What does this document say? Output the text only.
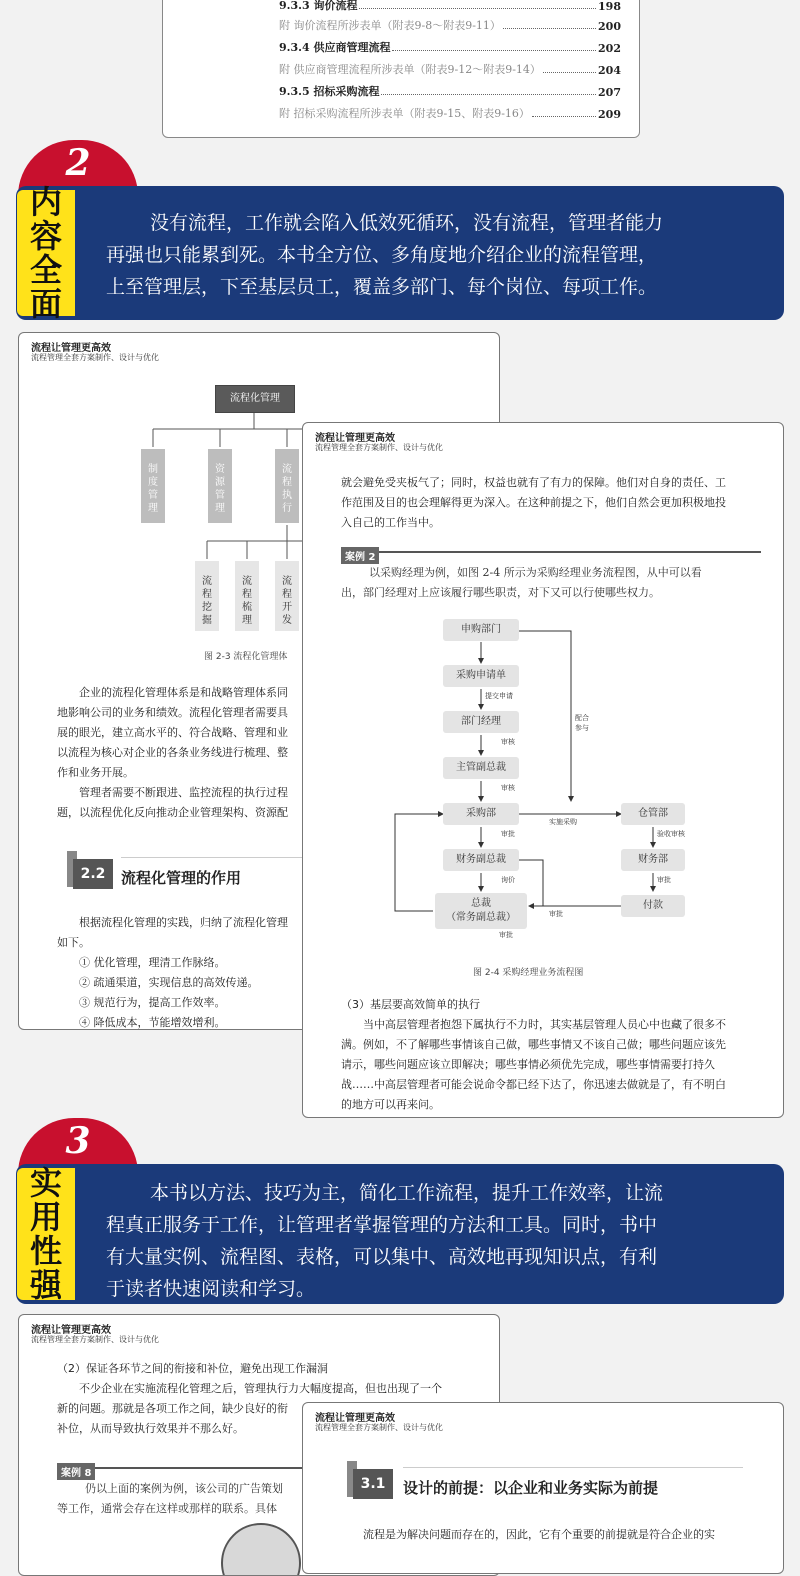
9.3.3 询价流程	198
附 询价流程所涉表单（附表9-8～附表9-11）	200
9.3.4 供应商管理流程	202
附 供应商管理流程所涉表单（附表9-12～附表9-14）	204
9.3.5 招标采购流程	207
附 招标采购流程所涉表单（附表9-15、附表9-16）	209
2
内
容
全
面
没有流程，工作就会陷入低效死循环，没有流程，管理者能力
再强也只能累到死。本书全方位、多角度地介绍企业的流程管理，
上至管理层，下至基层员工，覆盖多部门、每个岗位、每项工作。
流程让管理更高效
流程管理全套方案制作、设计与优化
流程化管理
制度管理
资源管理
流程执行
流程挖掘
流程梳理
流程开发
图 2-3 流程化管理体
企业的流程化管理体系是和战略管理体系同
地影响公司的业务和绩效。流程化管理者需要具
展的眼光，建立高水平的、符合战略、管理和业
以流程为核心对企业的各条业务线进行梳理、整
作和业务开展。
管理者需要不断跟进、监控流程的执行过程
题，以流程优化反向推动企业管理架构、资源配
2.2	流程化管理的作用
根据流程化管理的实践，归纳了流程化管理
如下。
① 优化管理，理清工作脉络。
② 疏通渠道，实现信息的高效传递。
③ 规范行为，提高工作效率。
④ 降低成本，节能增效增利。
流程让管理更高效
流程管理全套方案制作、设计与优化
就会避免受夹板气了；同时，权益也就有了有力的保障。他们对自身的责任、工
作范围及目的也会理解得更为深入。在这种前提之下，他们自然会更加积极地投
入自己的工作当中。
案例 2
以采购经理为例，如图 2-4 所示为采购经理业务流程图，从中可以看
出，部门经理对上应该履行哪些职责，对下又可以行使哪些权力。
申购部门
采购申请单
部门经理
主管副总裁
采购部
财务副总裁
总裁
（常务副总裁）
仓管部
财务部
付款
提交申请
审核
审核
审批
询价
审批
审批
实施采购
验收审核
审批
配合
参与
图 2-4 采购经理业务流程图
（3）基层要高效简单的执行
当中高层管理者抱怨下属执行不力时，其实基层管理人员心中也藏了很多不
满。例如，不了解哪些事情该自己做，哪些事情又不该自己做；哪些问题应该先
请示，哪些问题应该立即解决；哪些事情必须优先完成，哪些事情需要打持久
战……中高层管理者可能会说命令都已经下达了，你迅速去做就是了，有不明白
的地方可以再来问。
3
实
用
性
强
本书以方法、技巧为主，简化工作流程，提升工作效率，让流
程真正服务于工作，让管理者掌握管理的方法和工具。同时，书中
有大量实例、流程图、表格，可以集中、高效地再现知识点，有利
于读者快速阅读和学习。
流程让管理更高效
流程管理全套方案制作、设计与优化
（2）保证各环节之间的衔接和补位，避免出现工作漏洞
不少企业在实施流程化管理之后，管理执行力大幅度提高，但也出现了一个
新的问题。那就是各项工作之间，缺少良好的衔
补位，从而导致执行效果并不那么好。
案例 8
仍以上面的案例为例，该公司的广告策划
等工作，通常会存在这样或那样的联系。具体
流程让管理更高效
流程管理全套方案制作、设计与优化
3.1	设计的前提：以企业和业务实际为前提
流程是为解决问题而存在的，因此，它有个重要的前提就是符合企业的实
